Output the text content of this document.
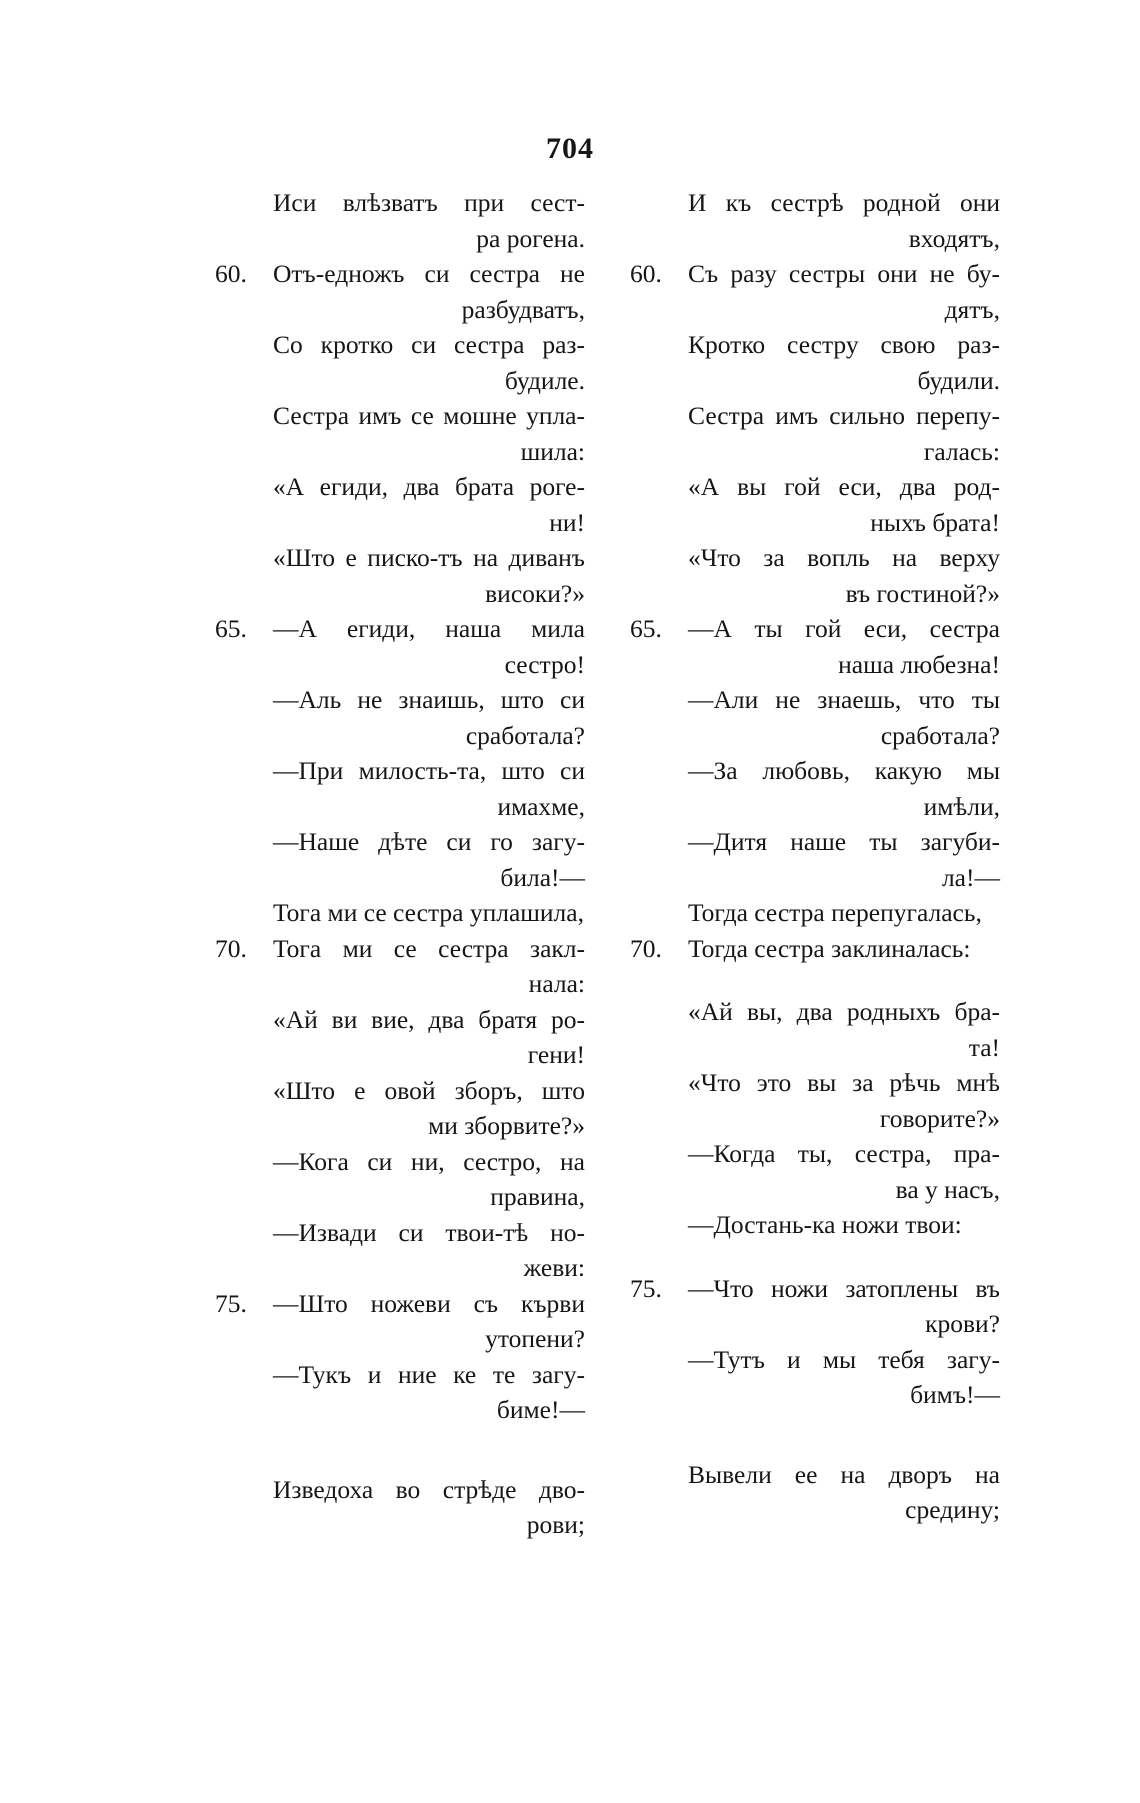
704
Иси влѣзватъ при сест-
ра рогена.
60. Отъ-едножъ си сестра не
разбудватъ,
Со кротко си сестра раз-
будиле.
Сестра имъ се мошне упла-
шила:
«А егиди, два брата роге-
ни!
«Што е писко-тъ на диванъ
високи?»
65. —А егиди, наша мила
сестро!
—Аль не знаишь, што си
сработала?
—При милость-та, што си
имахме,
—Наше дѣте си го загу-
била!—
Тога ми се сестра уплашила,
70. Тога ми се сестра закл-
нала:
«Ай ви вие, два братя ро-
гени!
«Што е овой зборъ, што
ми зборвите?»
—Кога си ни, сестро, на
правина,
—Извади си твои-тѣ но-
жеви:
75. —Што ножеви съ кърви
утопени?
—Тукъ и ние ке те загу-
биме!—
Изведоха во стрѣде дво-
рови;
И къ сестрѣ родной они
входятъ,
60. Съ разу сестры они не бу-
дятъ,
Кротко сестру свою раз-
будили.
Сестра имъ сильно перепу-
галась:
«А вы гой еси, два род-
ныхъ брата!
«Что за вопль на верху
въ гостиной?»
65. —А ты гой еси, сестра
наша любезна!
—Али не знаешь, что ты
сработала?
—За любовь, какую мы
имѣли,
—Дитя наше ты загуби-
ла!—
Тогда сестра перепугалась,
70. Тогда сестра заклиналась:
«Ай вы, два родныхъ бра-
та!
«Что это вы за рѣчь мнѣ
говорите?»
—Когда ты, сестра, пра-
ва у насъ,
—Достань-ка ножи твои:
75. —Что ножи затоплены въ
крови?
—Тутъ и мы тебя загу-
бимъ!—
Вывели ее на дворъ на
средину;
